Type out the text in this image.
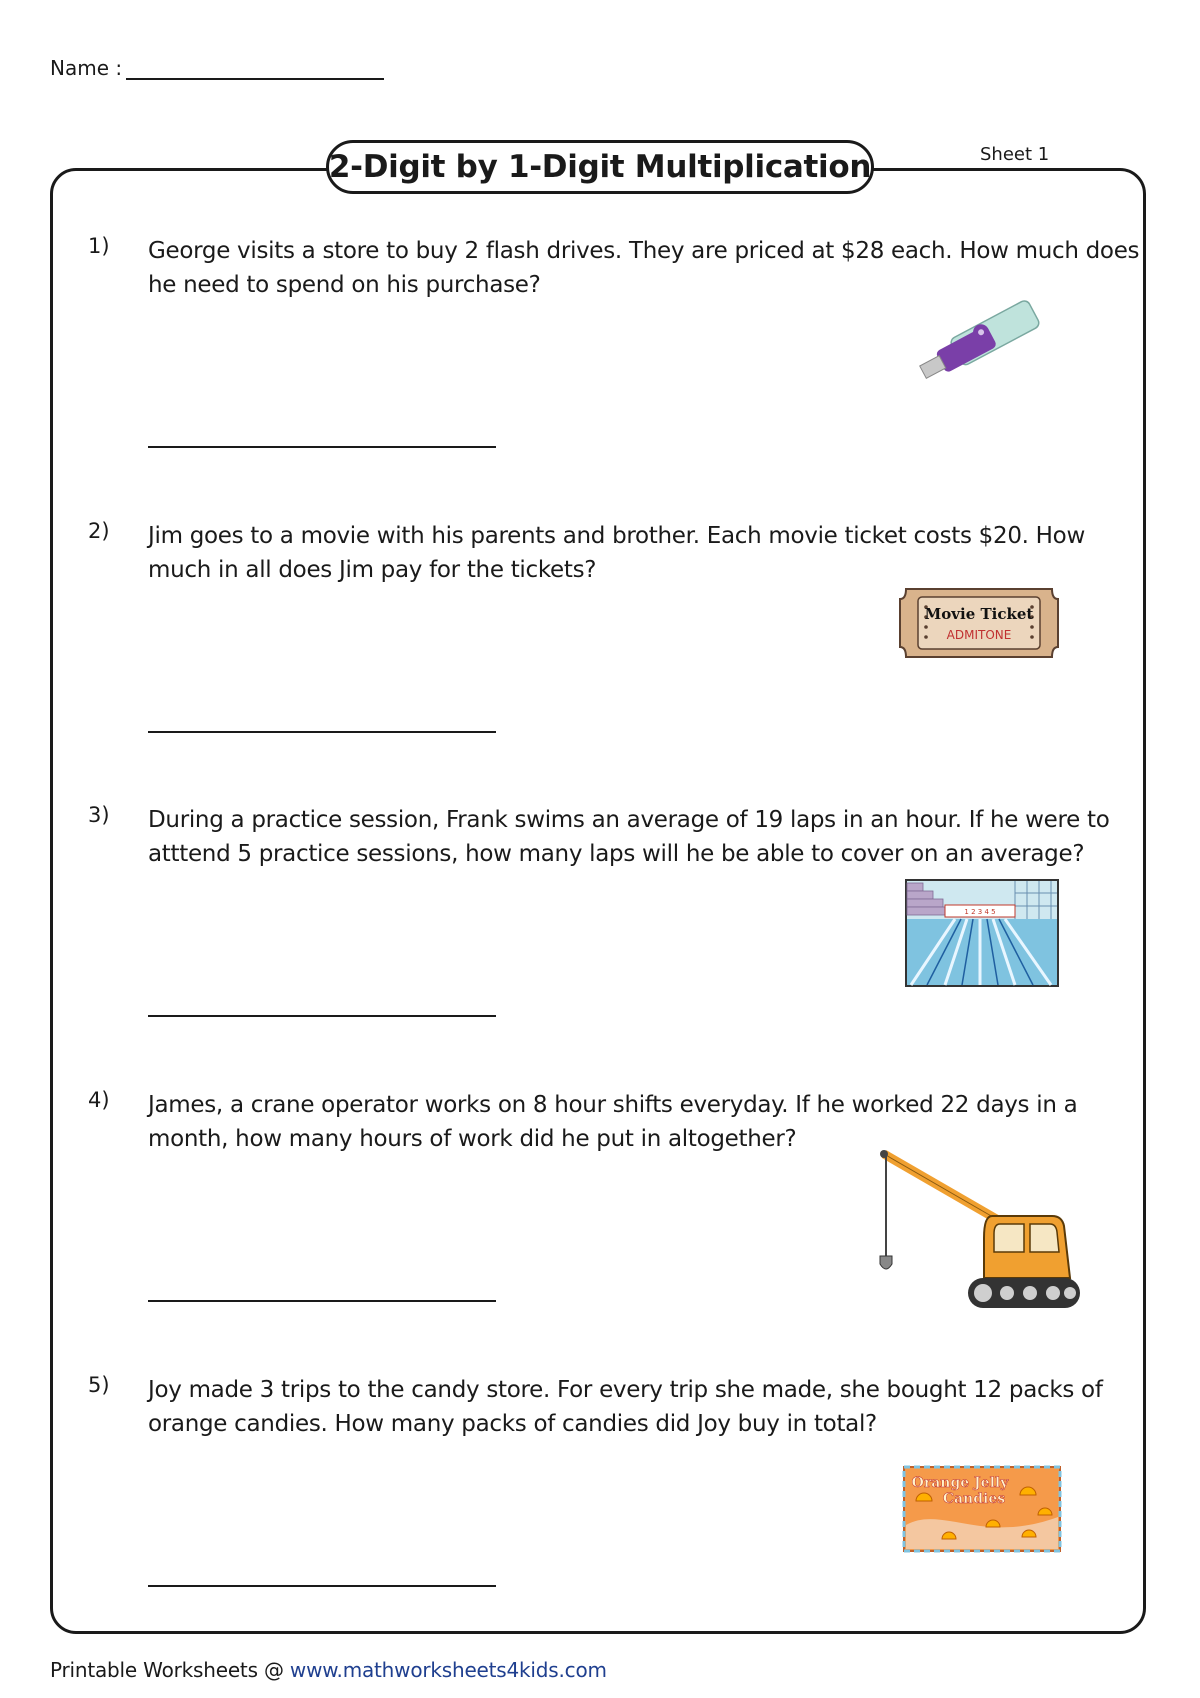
Name :
2-Digit by 1-Digit Multiplication	Sheet 1
1) George visits a store to buy 2 flash drives. They are priced at $28 each. How much does he need to spend on his purchase?
2) Jim goes to a movie with his parents and brother. Each movie ticket costs $20. How much in all does Jim pay for the tickets?
Movie Ticket
ADMITONE
3) During a practice session, Frank swims an average of 19 laps in an hour. If he were to atttend 5 practice sessions, how many laps will he be able to cover on an average?
1 2 3 4 5
4) James, a crane operator works on 8 hour shifts everyday. If he worked 22 days in a month, how many hours of work did he put in altogether?
5) Joy made 3 trips to the candy store. For every trip she made, she bought 12 packs of orange candies. How many packs of candies did Joy buy in total?
Orange Jelly
Candies
Printable Worksheets @ www.mathworksheets4kids.com
